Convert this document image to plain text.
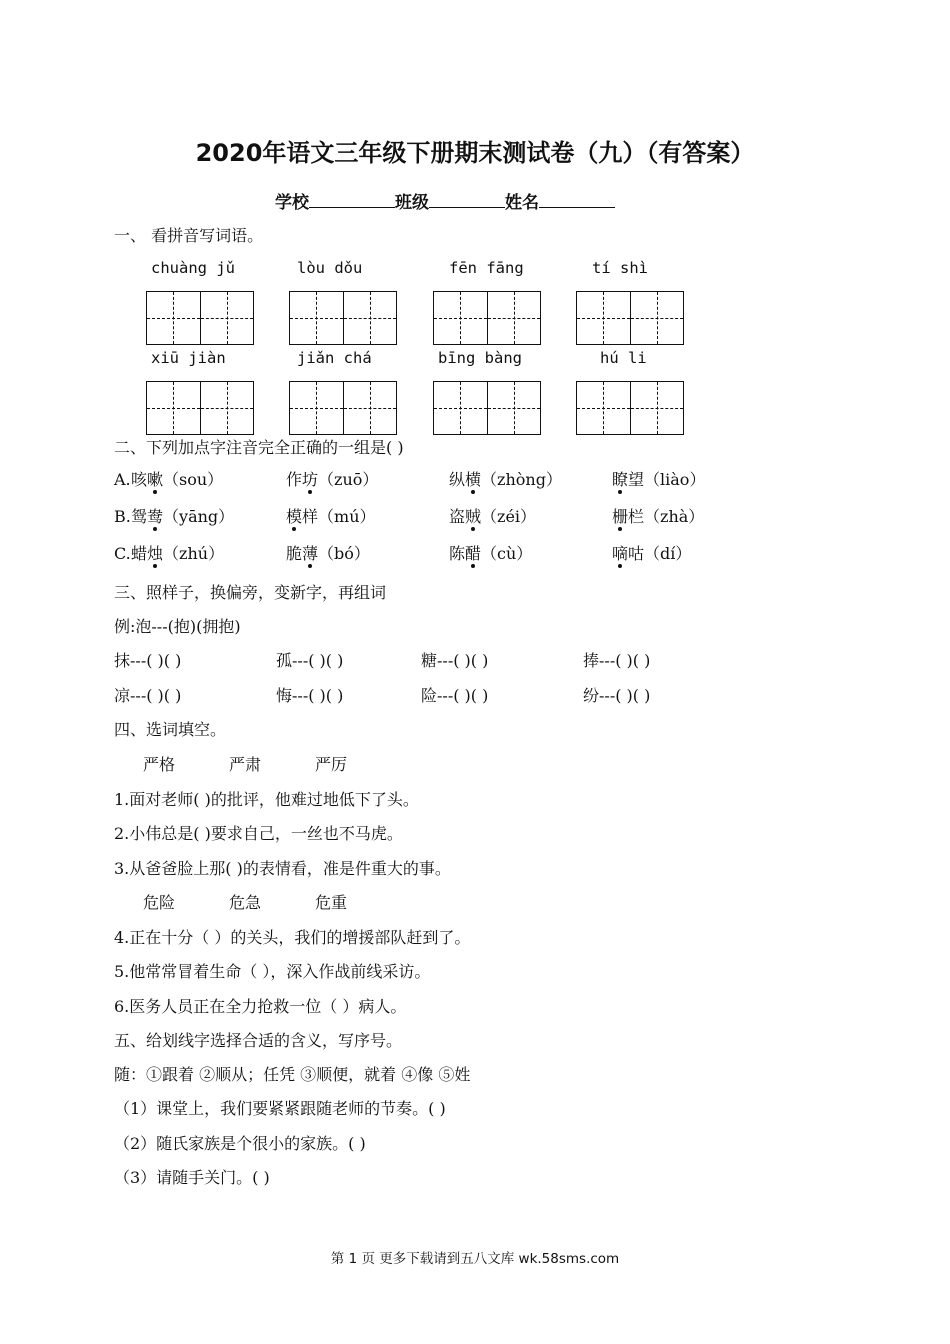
2020年语文三年级下册期末测试卷（九）（有答案）
学校	班级	姓名
一、 看拼音写词语。
chuàng jǔ	lòu dǒu	fēn fāng	tí shì
xiū jiàn	jiǎn chá	bīng bàng	hú li
二、下列加点字注音完全正确的一组是( )
A. 咳嗽（sou）	作坊（zuō）	纵横（zhòng）	瞭望（liào）
B. 鸳鸯（yāng）	模样（mú）	盗贼（zéi）	栅栏（zhà）
C. 蜡烛（zhú）	脆薄（bó）	陈醋（cù）	嘀咕（dí）
三、照样子，换偏旁，变新字，再组词
例:泡---(抱)(拥抱)
抹---( )( )	孤---( )( )	糖---( )( )	捧---( )( )
凉---( )( )	悔---( )( )	险---( )( )	纷---( )( )
四、选词填空。
严格	严肃	严厉
1.面对老师( )的批评，他难过地低下了头。
2.小伟总是( )要求自己，一丝也不马虎。
3.从爸爸脸上那( )的表情看，准是件重大的事。
危险	危急	危重
4.正在十分（ ）的关头，我们的增援部队赶到了。
5.他常常冒着生命（ ），深入作战前线采访。
6.医务人员正在全力抢救一位（ ）病人。
五、给划线字选择合适的含义，写序号。
随：①跟着 ②顺从；任凭 ③顺便，就着 ④像 ⑤姓
（1）课堂上，我们要紧紧跟随老师的节奏。( )
（2）随氏家族是个很小的家族。( )
（3）请随手关门。( )
第 1 页 更多下载请到五八文库 wk.58sms.com
